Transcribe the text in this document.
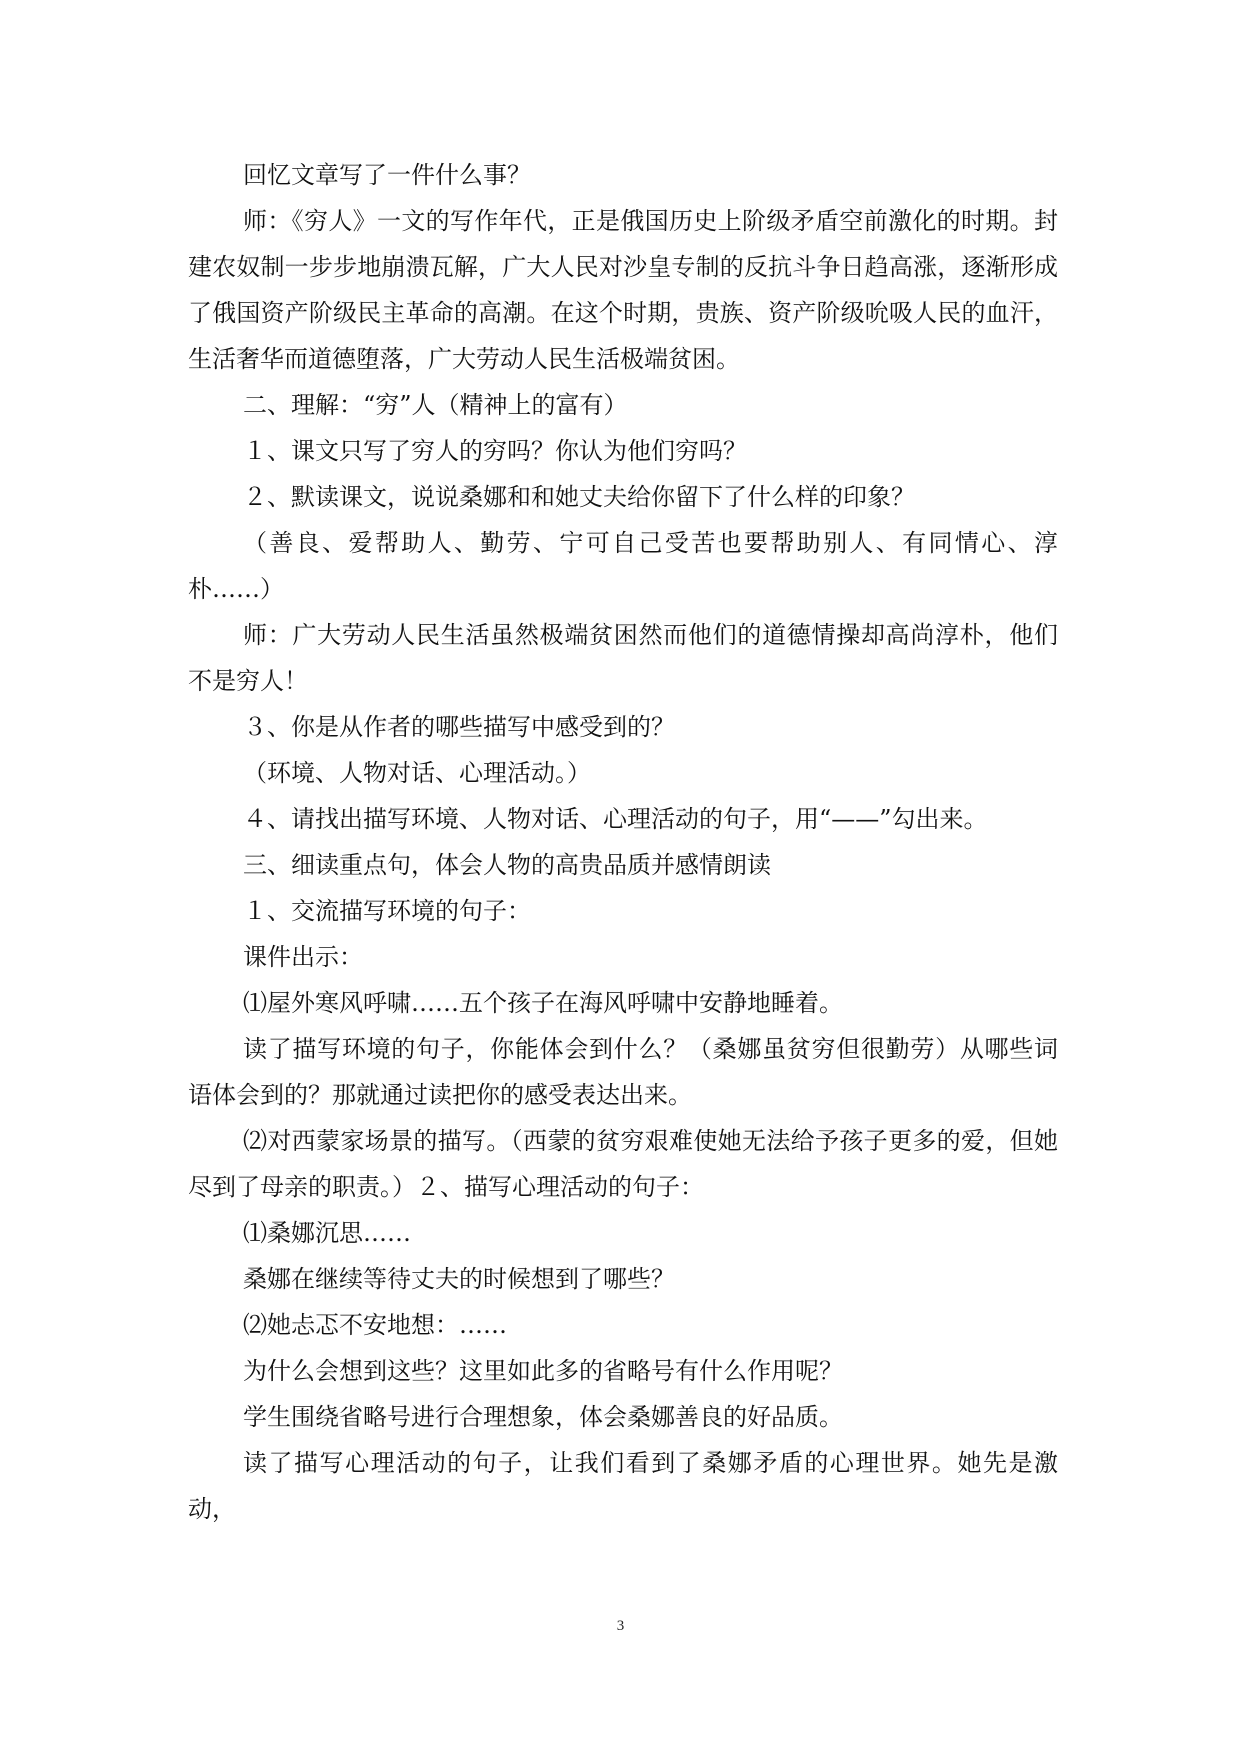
回忆文章写了一件什么事？

师：《穷人》一文的写作年代，正是俄国历史上阶级矛盾空前激化的时期。封建农奴制一步步地崩溃瓦解，广大人民对沙皇专制的反抗斗争日趋高涨，逐渐形成了俄国资产阶级民主革命的高潮。在这个时期，贵族、资产阶级吮吸人民的血汗，生活奢华而道德堕落，广大劳动人民生活极端贫困。

二、理解：“穷”人（精神上的富有）

１、课文只写了穷人的穷吗？你认为他们穷吗？

２、默读课文，说说桑娜和和她丈夫给你留下了什么样的印象？

（善良、爱帮助人、勤劳、宁可自己受苦也要帮助别人、有同情心、淳朴……）

师：广大劳动人民生活虽然极端贫困然而他们的道德情操却高尚淳朴，他们不是穷人！

３、你是从作者的哪些描写中感受到的？

（环境、人物对话、心理活动。）

４、请找出描写环境、人物对话、心理活动的句子，用“——”勾出来。

三、细读重点句，体会人物的高贵品质并感情朗读

１、交流描写环境的句子：

课件出示：

⑴屋外寒风呼啸……五个孩子在海风呼啸中安静地睡着。

读了描写环境的句子，你能体会到什么？（桑娜虽贫穷但很勤劳）从哪些词语体会到的？那就通过读把你的感受表达出来。

⑵对西蒙家场景的描写。（西蒙的贫穷艰难使她无法给予孩子更多的爱，但她尽到了母亲的职责。）２、描写心理活动的句子：

⑴桑娜沉思……

桑娜在继续等待丈夫的时候想到了哪些？

⑵她忐忑不安地想：……

为什么会想到这些？这里如此多的省略号有什么作用呢？

学生围绕省略号进行合理想象，体会桑娜善良的好品质。

读了描写心理活动的句子，让我们看到了桑娜矛盾的心理世界。她先是激动，

3
